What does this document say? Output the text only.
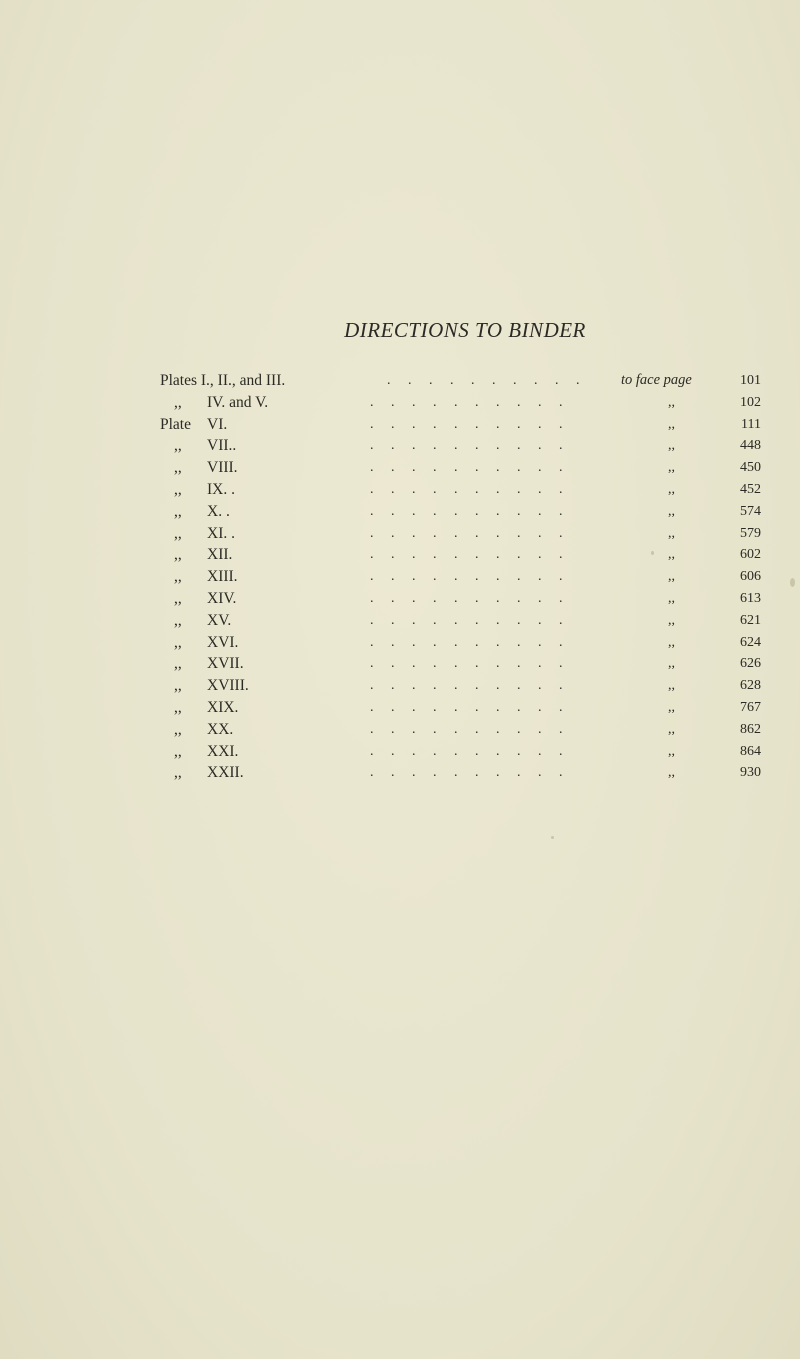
DIRECTIONS TO BINDER
Plates I., II., and III.	..........	to face page	101
,, IV. and V.	..........	,,	102
Plate VI.	..........	,,	111
,, VII..	..........	,,	448
,, VIII.	..........	,,	450
,, IX. .	..........	,,	452
,, X. .	..........	,,	574
,, XI. .	..........	,,	579
,, XII.	..........	,,	602
,, XIII.	..........	,,	606
,, XIV.	..........	,,	613
,, XV.	..........	,,	621
,, XVI.	..........	,,	624
,, XVII.	..........	,,	626
,, XVIII.	..........	,,	628
,, XIX.	..........	,,	767
,, XX.	..........	,,	862
,, XXI.	..........	,,	864
,, XXII.	..........	,,	930
